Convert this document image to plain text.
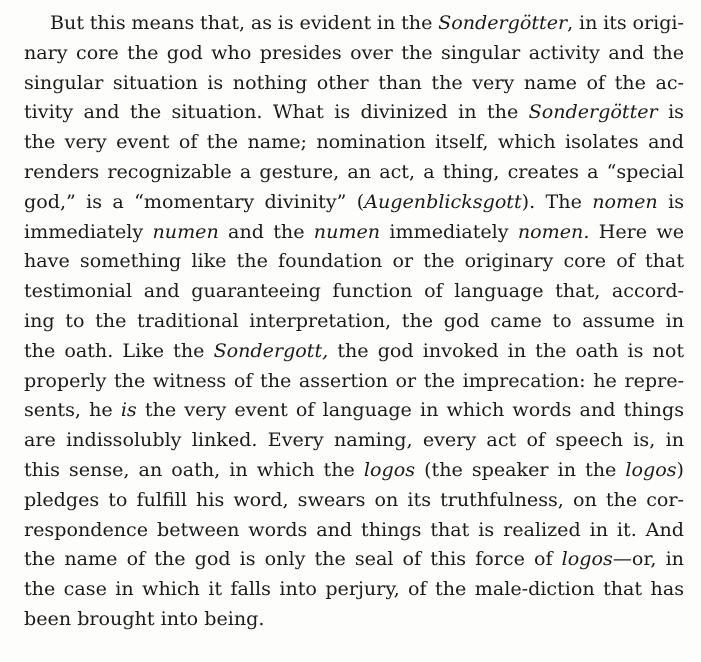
But this means that, as is evident in the Sondergötter, in its origi-
nary core the god who presides over the singular activity and the
singular situation is nothing other than the very name of the ac-
tivity and the situation. What is divinized in the Sondergötter is
the very event of the name; nomination itself, which isolates and
renders recognizable a gesture, an act, a thing, creates a “special
god,” is a “momentary divinity” (Augenblicksgott). The nomen is
immediately numen and the numen immediately nomen. Here we
have something like the foundation or the originary core of that
testimonial and guaranteeing function of language that, accord-
ing to the traditional interpretation, the god came to assume in
the oath. Like the Sondergott, the god invoked in the oath is not
properly the witness of the assertion or the imprecation: he repre-
sents, he is the very event of language in which words and things
are indissolubly linked. Every naming, every act of speech is, in
this sense, an oath, in which the logos (the speaker in the logos)
pledges to fulfill his word, swears on its truthfulness, on the cor-
respondence between words and things that is realized in it. And
the name of the god is only the seal of this force of logos—or, in
the case in which it falls into perjury, of the male-diction that has
been brought into being.
